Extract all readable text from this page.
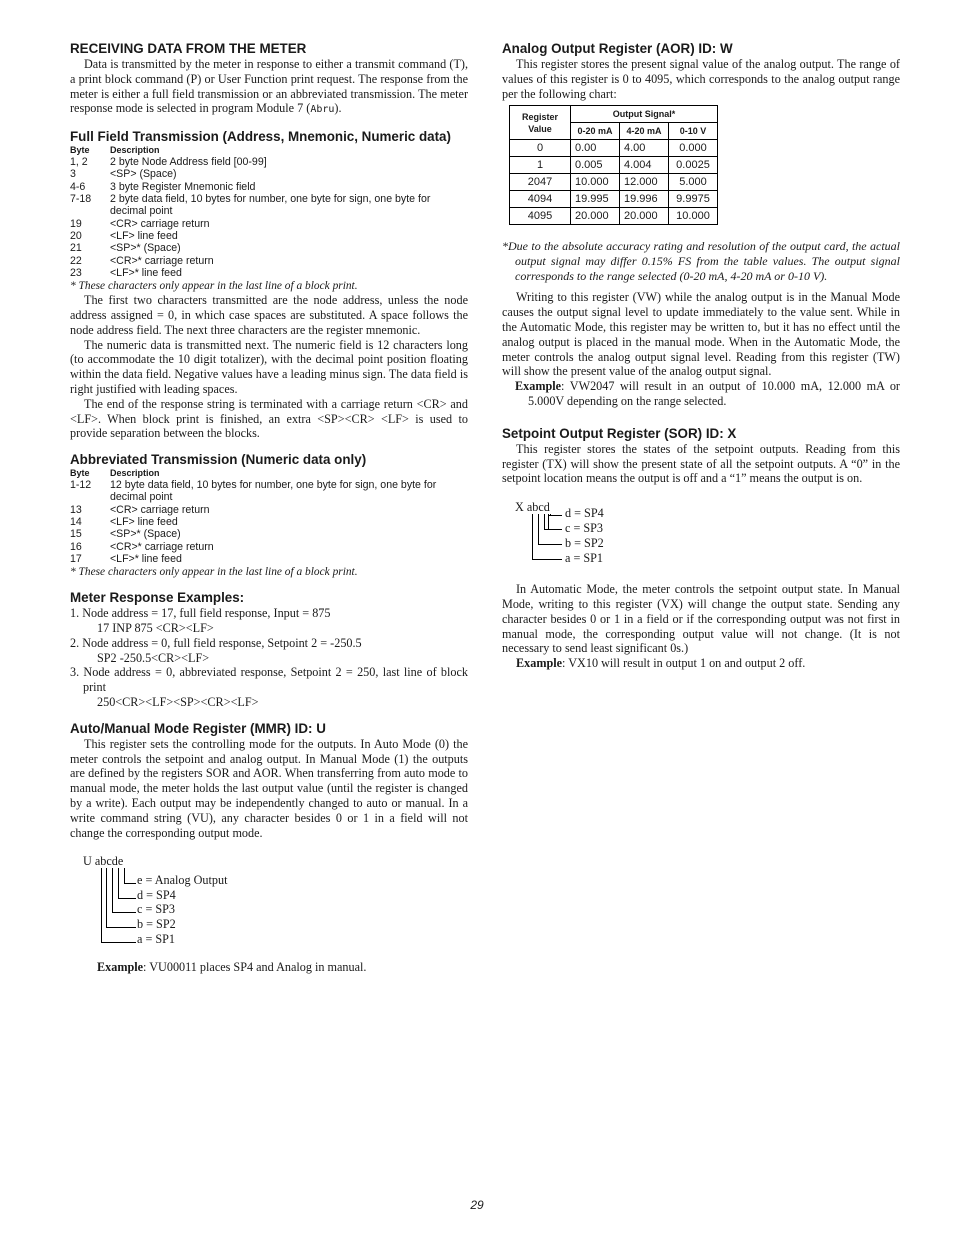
RECEIVING DATA FROM THE METER

Data is transmitted by the meter in response to either a transmit command (T), a print block command (P) or User Function print request. The response from the meter is either a full field transmission or an abbreviated transmission. The meter response mode is selected in program Module 7 (Abru).

Full Field Transmission (Address, Mnemonic, Numeric data)
Byte	Description
1, 2	2 byte Node Address field [00-99]
3	<SP> (Space)
4-6	3 byte Register Mnemonic field
7-18	2 byte data field, 10 bytes for number, one byte for sign, one byte for decimal point
19	<CR> carriage return
20	<LF> line feed
21	<SP>* (Space)
22	<CR>* carriage return
23	<LF>* line feed

* These characters only appear in the last line of a block print.

The first two characters transmitted are the node address, unless the node address assigned = 0, in which case spaces are substituted. A space follows the node address field. The next three characters are the register mnemonic.

The numeric data is transmitted next. The numeric field is 12 characters long (to accommodate the 10 digit totalizer), with the decimal point position floating within the data field. Negative values have a leading minus sign. The data field is right justified with leading spaces.

The end of the response string is terminated with a carriage return <CR> and <LF>. When block print is finished, an extra <SP><CR> <LF> is used to provide separation between the blocks.

Abbreviated Transmission (Numeric data only)
Byte	Description
1-12	12 byte data field, 10 bytes for number, one byte for sign, one byte for decimal point
13	<CR> carriage return
14	<LF> line feed
15	<SP>* (Space)
16	<CR>* carriage return
17	<LF>* line feed

* These characters only appear in the last line of a block print.

Meter Response Examples:
1. Node address = 17, full field response, Input = 875
17 INP 875 <CR><LF>
2. Node address = 0, full field response, Setpoint 2 = -250.5
SP2 -250.5<CR><LF>
3. Node address = 0, abbreviated response, Setpoint 2 = 250, last line of block print
250<CR><LF><SP><CR><LF>
Auto/Manual Mode Register (MMR) ID: U

This register sets the controlling mode for the outputs. In Auto Mode (0) the meter controls the setpoint and analog output. In Manual Mode (1) the outputs are defined by the registers SOR and AOR. When transferring from auto mode to manual mode, the meter holds the last output value (until the register is changed by a write). Each output may be independently changed to auto or manual. In a write command string (VU), any character besides 0 or 1 in a field will not change the corresponding output mode.

U abcde
e = Analog Output
d = SP4
c = SP3
b = SP2
a = SP1

Example: VU00011 places SP4 and Analog in manual.

Analog Output Register (AOR) ID: W

This register stores the present signal value of the analog output. The range of values of this register is 0 to 4095, which corresponds to the analog output range per the following chart:

Register Value	Output Signal*		
	0-20 mA	4-20 mA	0-10 V
0	0.00	4.00	0.000
1	0.005	4.004	0.0025
2047	10.000	12.000	5.000
4094	19.995	19.996	9.9975
4095	20.000	20.000	10.000

*Due to the absolute accuracy rating and resolution of the output card, the actual output signal may differ 0.15% FS from the table values. The output signal corresponds to the range selected (0-20 mA, 4-20 mA or 0-10 V).

Writing to this register (VW) while the analog output is in the Manual Mode causes the output signal level to update immediately to the value sent. While in the Automatic Mode, this register may be written to, but it has no effect until the analog output is placed in the manual mode. When in the Automatic Mode, the meter controls the analog output signal level. Reading from this register (TW) will show the present value of the analog output signal.

Example: VW2047 will result in an output of 10.000 mA, 12.000 mA or 5.000V depending on the range selected.

Setpoint Output Register (SOR) ID: X

This register stores the states of the setpoint outputs. Reading from this register (TX) will show the present state of all the setpoint outputs. A “0” in the setpoint location means the output is off and a “1” means the output is on.

X abcd d = SP4
c = SP3
b = SP2
a = SP1

In Automatic Mode, the meter controls the setpoint output state. In Manual Mode, writing to this register (VX) will change the output state. Sending any character besides 0 or 1 in a field or if the corresponding output was not first in manual mode, the corresponding output value will not change. (It is not necessary to send least significant 0s.)

Example: VX10 will result in output 1 on and output 2 off.

29
